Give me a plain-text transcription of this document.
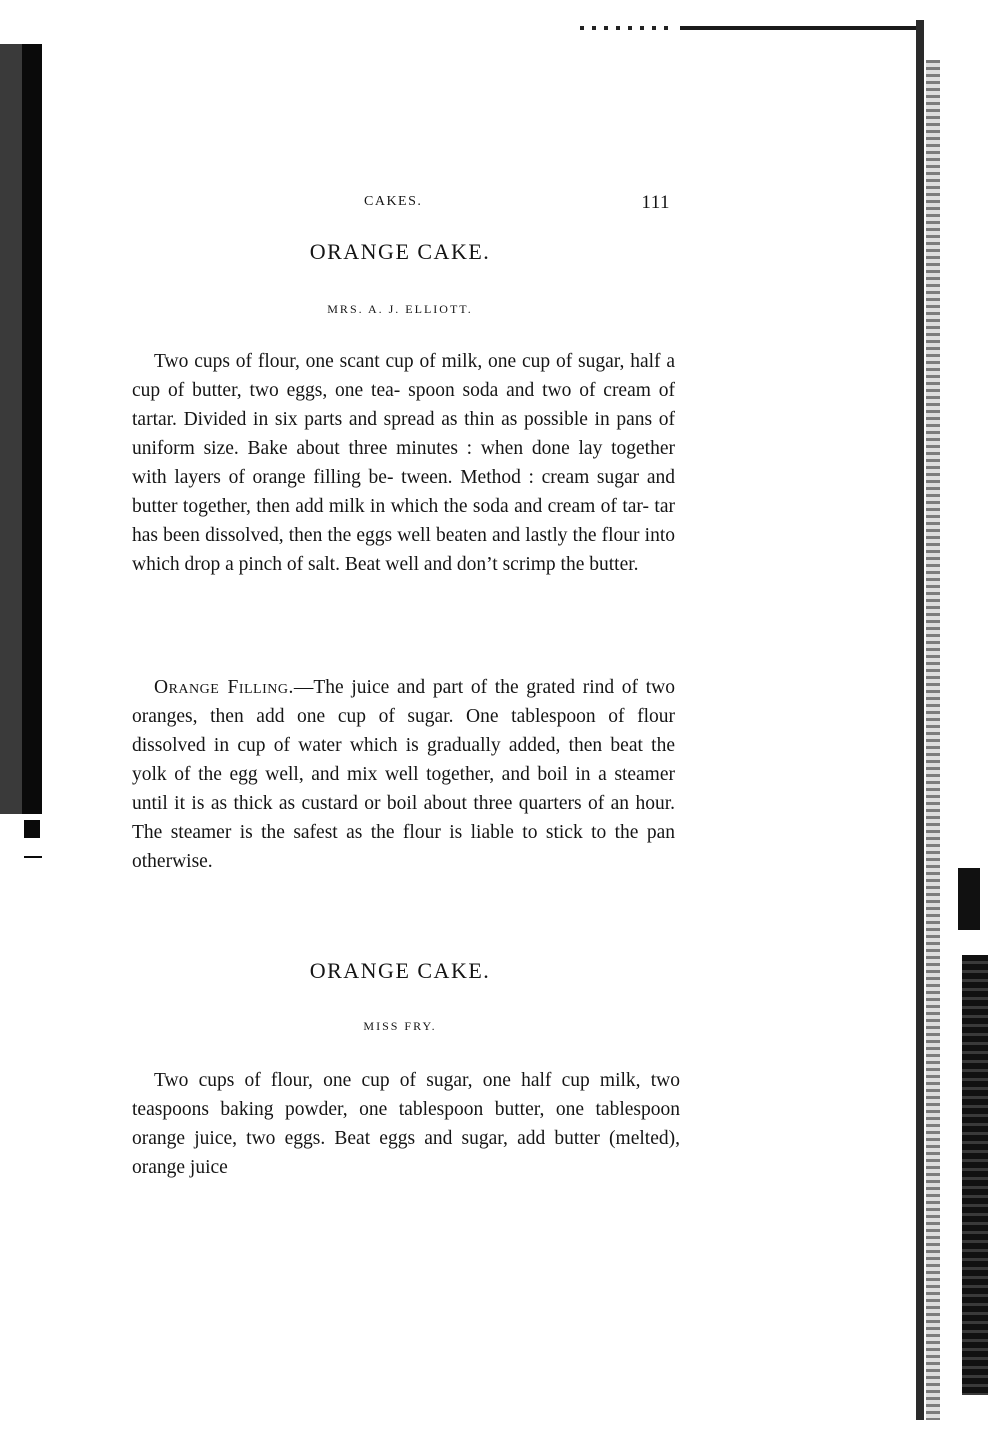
CAKES.	111
ORANGE CAKE.
MRS. A. J. ELLIOTT.

Two cups of flour, one scant cup of milk, one cup of sugar, half a cup of butter, two eggs, one tea- spoon soda and two of cream of tartar. Divided in six parts and spread as thin as possible in pans of uniform size. Bake about three minutes : when done lay together with layers of orange filling be- tween. Method : cream sugar and butter together, then add milk in which the soda and cream of tar- tar has been dissolved, then the eggs well beaten and lastly the flour into which drop a pinch of salt. Beat well and don’t scrimp the butter.

Orange Filling.—The juice and part of the grated rind of two oranges, then add one cup of sugar. One tablespoon of flour dissolved in cup of water which is gradually added, then beat the yolk of the egg well, and mix well together, and boil in a steamer until it is as thick as custard or boil about three quarters of an hour. The steamer is the safest as the flour is liable to stick to the pan otherwise.

ORANGE CAKE.
MISS FRY.

Two cups of flour, one cup of sugar, one half cup milk, two teaspoons baking powder, one tablespoon butter, one tablespoon orange juice, two eggs. Beat eggs and sugar, add butter (melted), orange juice
